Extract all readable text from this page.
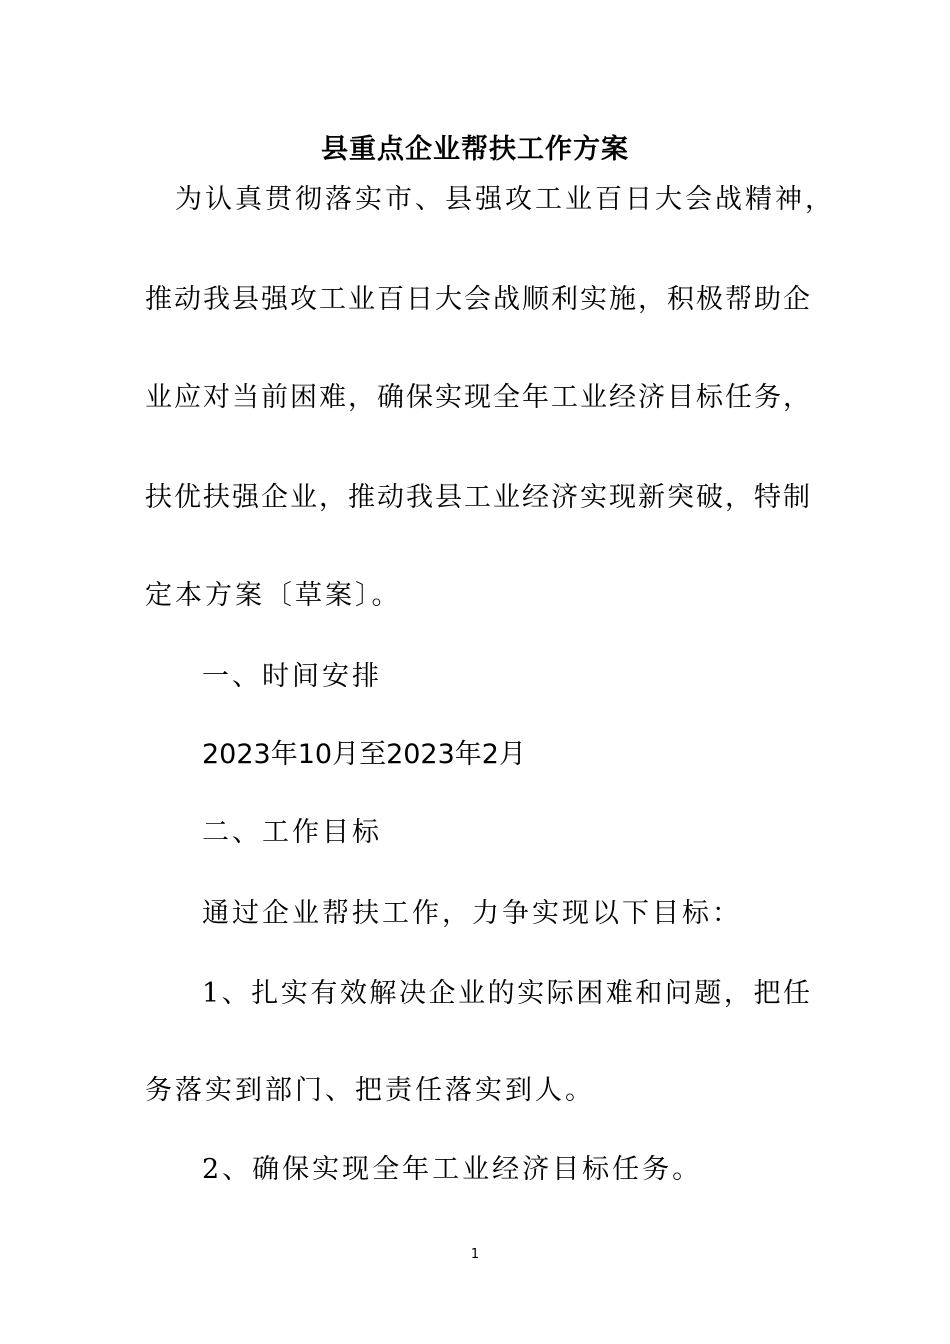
县重点企业帮扶工作方案
为认真贯彻落实市、县强攻工业百日大会战精神，
推动我县强攻工业百日大会战顺利实施，积极帮助企
业应对当前困难，确保实现全年工业经济目标任务，
扶优扶强企业，推动我县工业经济实现新突破，特制
定本方案〔草案〕。
一、时间安排
2023年10月至2023年2月
二、工作目标
通过企业帮扶工作，力争实现以下目标：
1、扎实有效解决企业的实际困难和问题，把任
务落实到部门、把责任落实到人。
2、确保实现全年工业经济目标任务。
1
